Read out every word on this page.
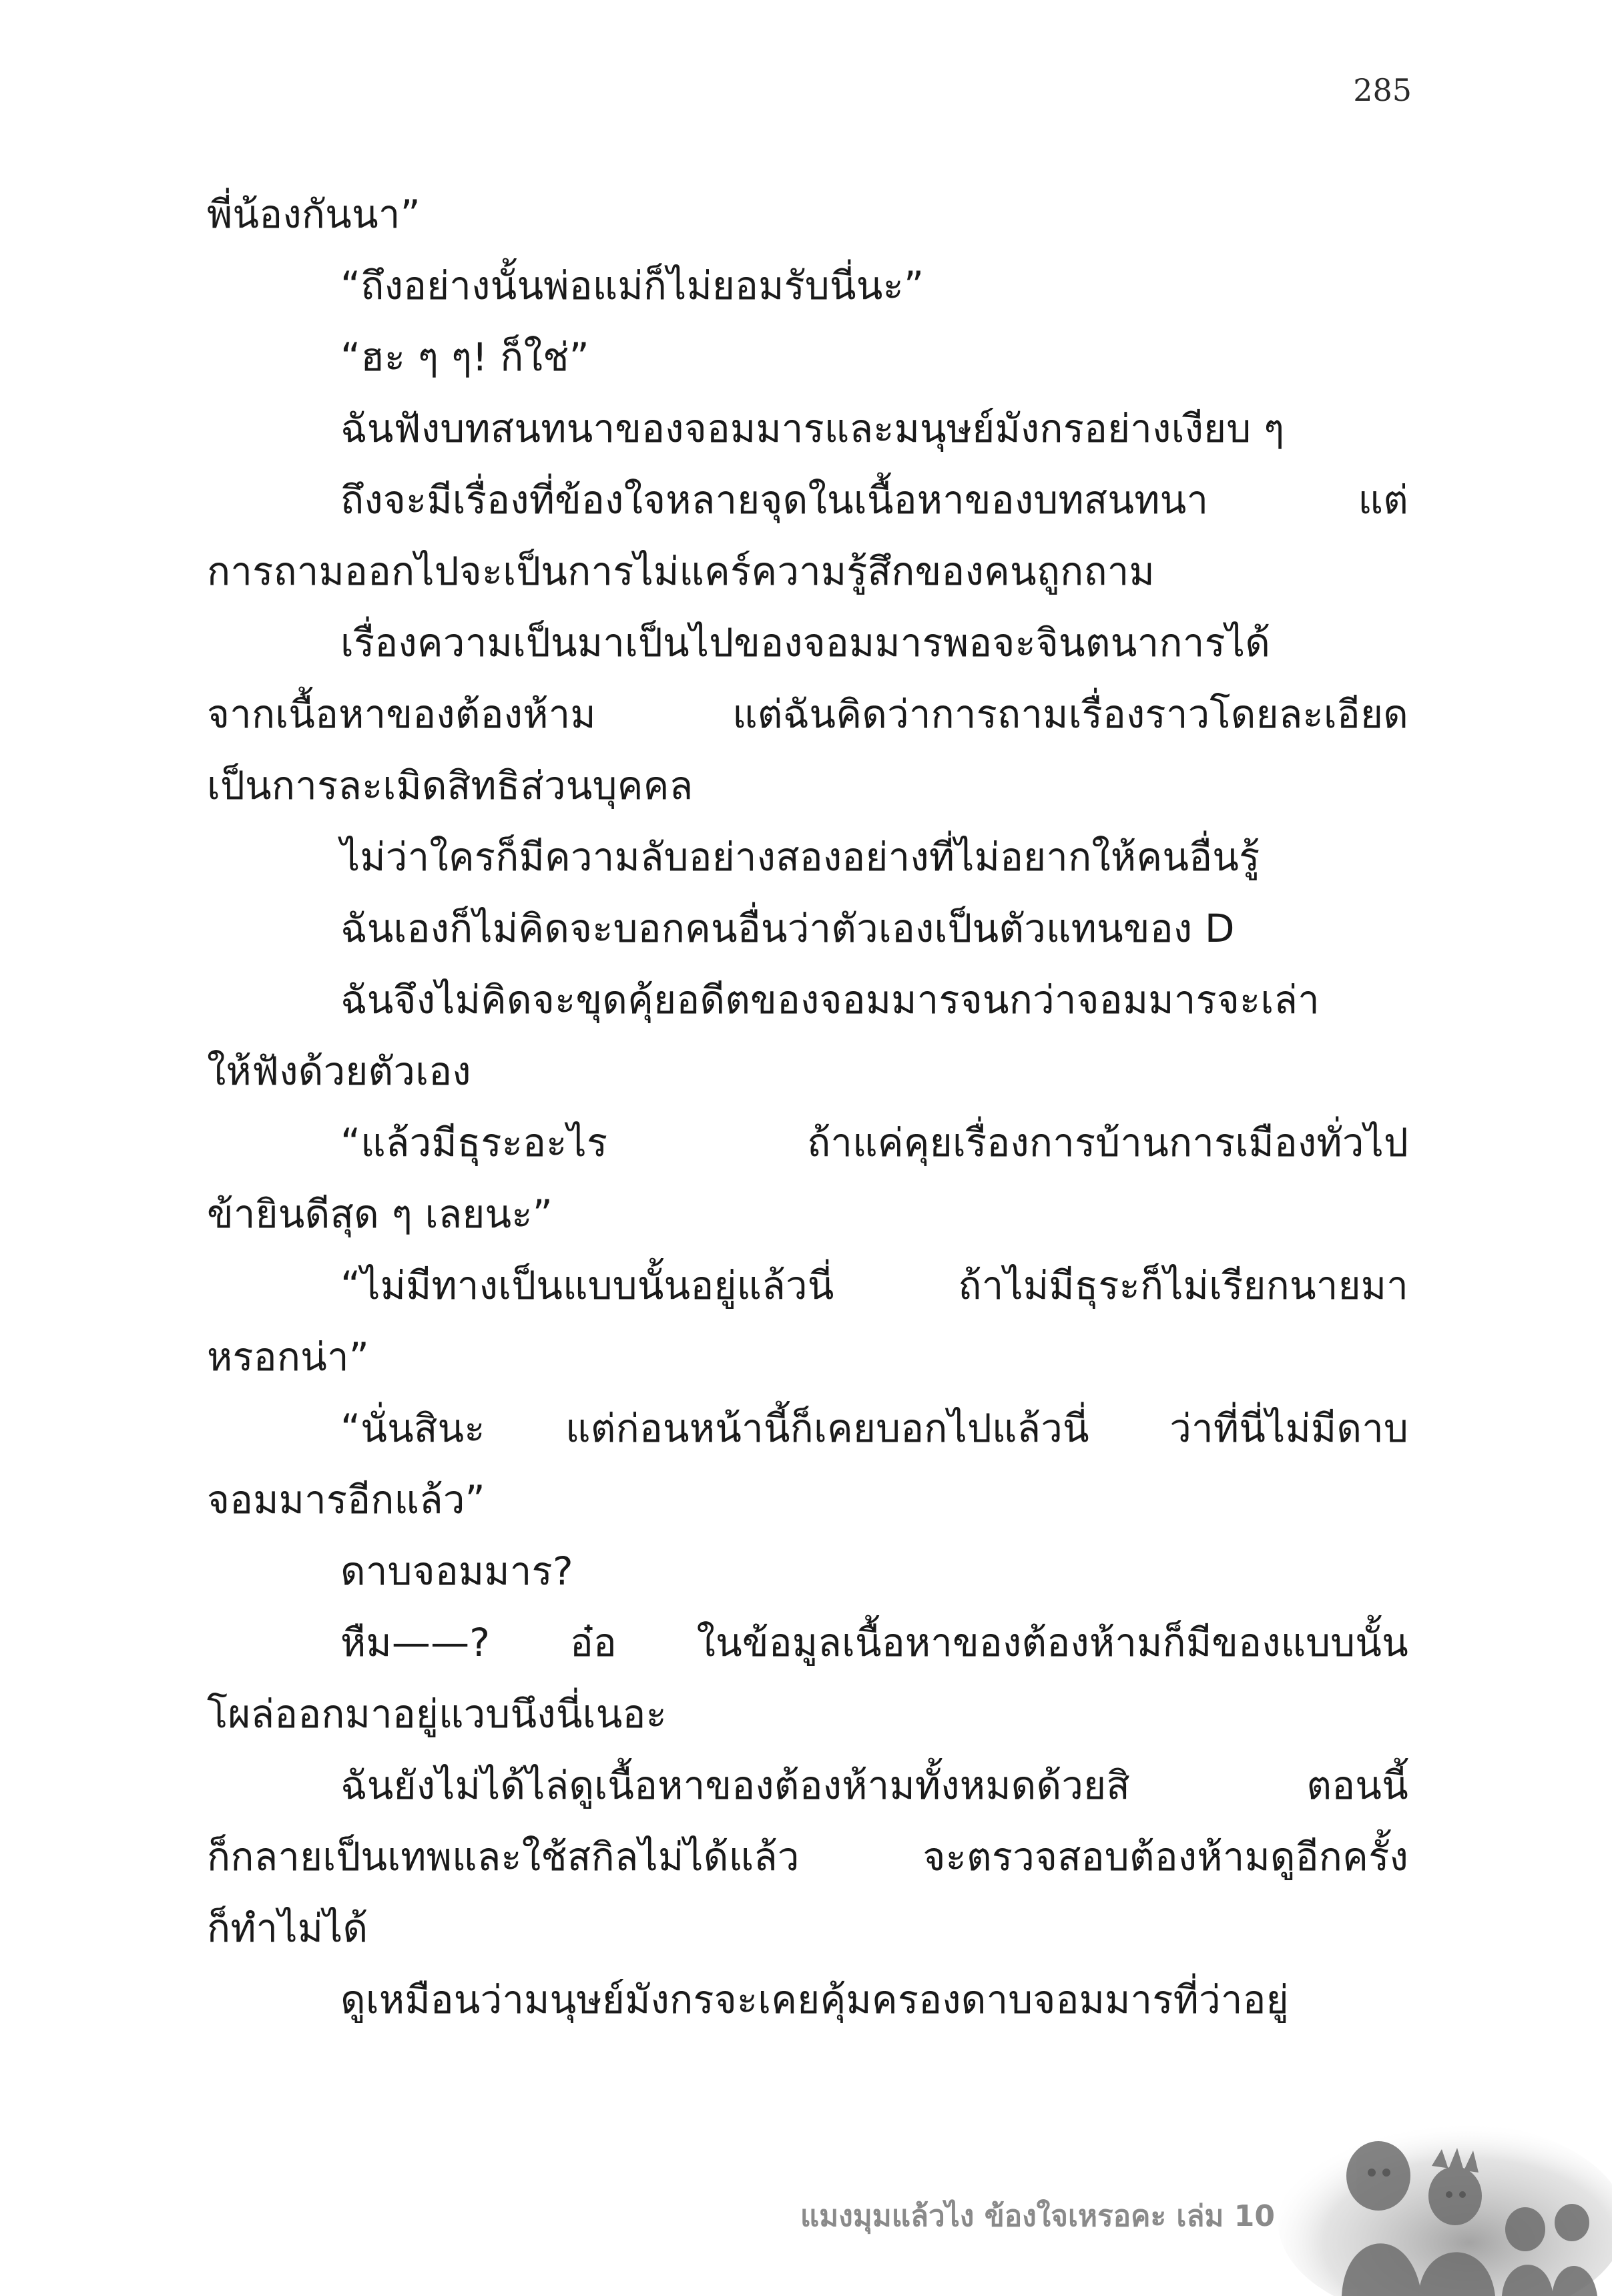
285
พี่น้องกันนา”
“ถึงอย่างนั้นพ่อแม่ก็ไม่ยอมรับนี่นะ”
“ฮะ ๆ ๆ! ก็ใช่”
ฉันฟังบทสนทนาของจอมมารและมนุษย์มังกรอย่างเงียบ ๆ
ถึงจะมีเรื่องที่ข้องใจหลายจุดในเนื้อหาของบทสนทนา แต่
การถามออกไปจะเป็นการไม่แคร์ความรู้สึกของคนถูกถาม
เรื่องความเป็นมาเป็นไปของจอมมารพอจะจินตนาการได้
จากเนื้อหาของต้องห้าม แต่ฉันคิดว่าการถามเรื่องราวโดยละเอียด
เป็นการละเมิดสิทธิส่วนบุคคล
ไม่ว่าใครก็มีความลับอย่างสองอย่างที่ไม่อยากให้คนอื่นรู้
ฉันเองก็ไม่คิดจะบอกคนอื่นว่าตัวเองเป็นตัวแทนของ D
ฉันจึงไม่คิดจะขุดคุ้ยอดีตของจอมมารจนกว่าจอมมารจะเล่า
ให้ฟังด้วยตัวเอง
“แล้วมีธุระอะไร ถ้าแค่คุยเรื่องการบ้านการเมืองทั่วไป
ข้ายินดีสุด ๆ เลยนะ”
“ไม่มีทางเป็นแบบนั้นอยู่แล้วนี่ ถ้าไม่มีธุระก็ไม่เรียกนายมา
หรอกน่า”
“นั่นสินะ แต่ก่อนหน้านี้ก็เคยบอกไปแล้วนี่ ว่าที่นี่ไม่มีดาบ
จอมมารอีกแล้ว”
ดาบจอมมาร?
หืม——? อ๋อ ในข้อมูลเนื้อหาของต้องห้ามก็มีของแบบนั้น
โผล่ออกมาอยู่แวบนึงนี่เนอะ
ฉันยังไม่ได้ไล่ดูเนื้อหาของต้องห้ามทั้งหมดด้วยสิ ตอนนี้
ก็กลายเป็นเทพและใช้สกิลไม่ได้แล้ว จะตรวจสอบต้องห้ามดูอีกครั้ง
ก็ทำไม่ได้
ดูเหมือนว่ามนุษย์มังกรจะเคยคุ้มครองดาบจอมมารที่ว่าอยู่
แมงมุมแล้วไง ข้องใจเหรอคะ เล่ม 10
